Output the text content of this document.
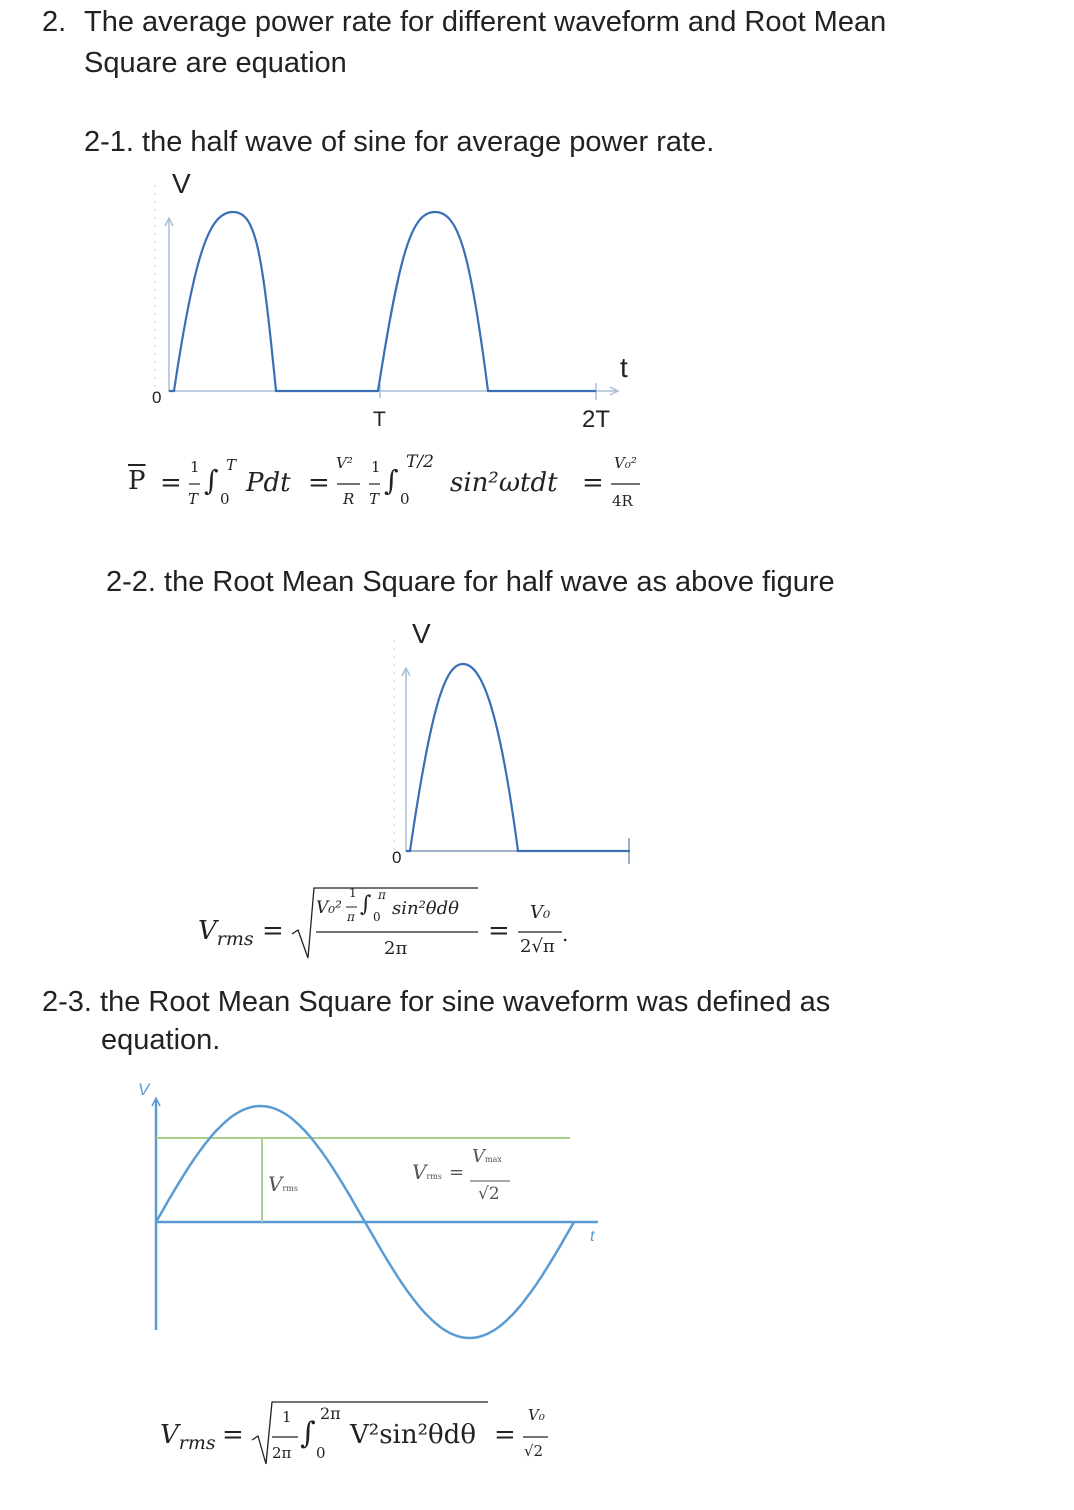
2. The average power rate for different waveform and Root Mean
Square are equation
2-1. the half wave of sine for average power rate.
V
t
0
T	2T
$\overline{P}$ =
1
T
∫ T
0
Pdt =
V²
R
1
T
∫
T/2
0
sin²ωtdt =
V₀²
4R
2-2. the Root Mean Square for half wave as above figure
V
0
$V_{rms}$ =
V₀²
1
π ∫ π
0 sin²θdθ
2π
=
V₀
2√π
.
2-3. the Root Mean Square for sine waveform was defined as
equation.
V
t
Vrms
Vrms =
Vmax
√2
$V_{rms}$ =
1
2π
∫
2π
0
V²sin²θdθ =
V₀
√2
